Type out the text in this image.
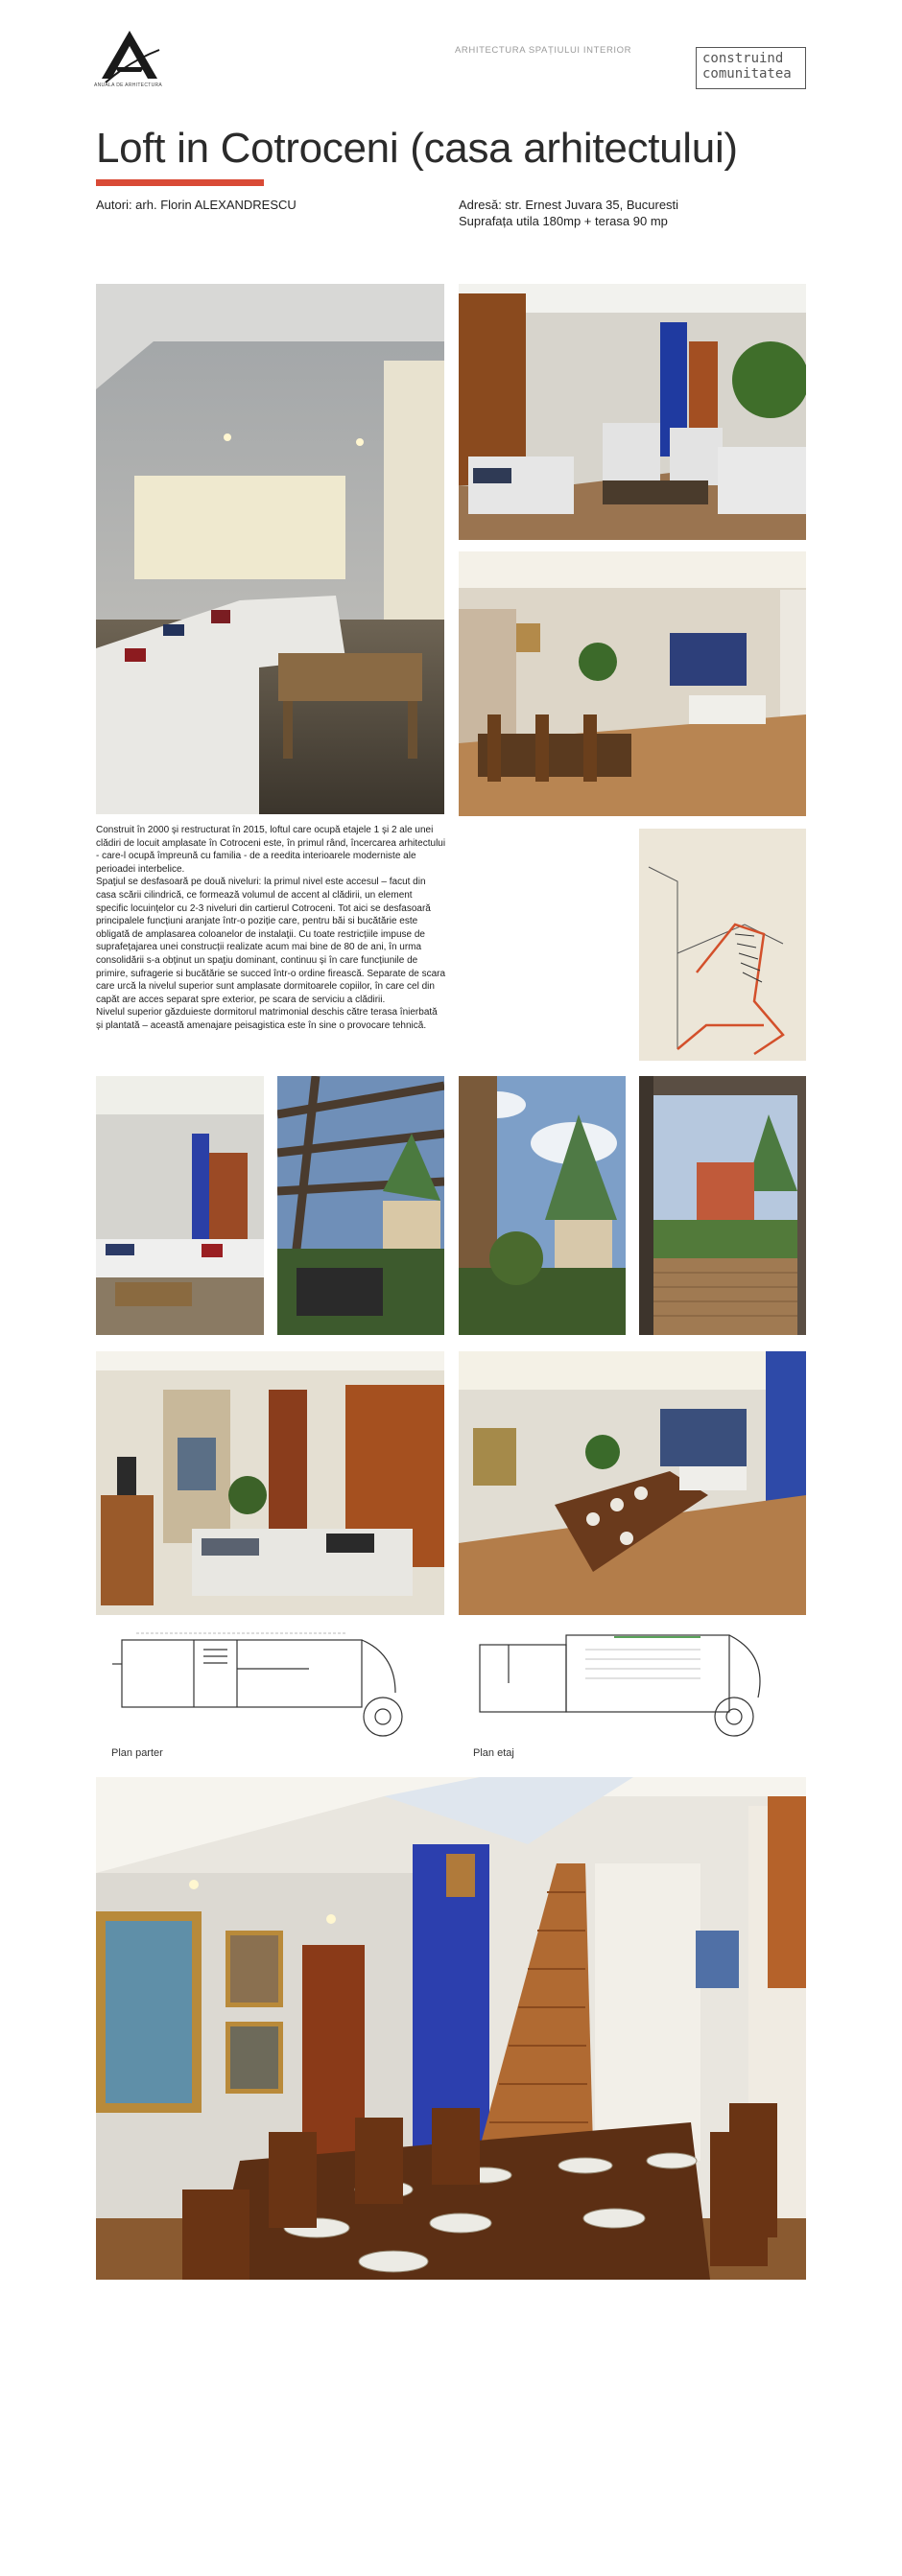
ANUALA DE ARHITECTURA
ARHITECTURA SPAȚIULUI INTERIOR
construind
comunitatea
Loft in Cotroceni (casa arhitectului)
Autori: arh. Florin ALEXANDRESCU	Adresă: str. Ernest Juvara 35, Bucuresti
Suprafața utila 180mp + terasa 90 mp

Construit în 2000 și restructurat în 2015, loftul care ocupă etajele 1 și 2 ale unei clădiri de locuit amplasate în Cotroceni este, în primul rând, încercarea arhitectului - care-l ocupă împreună cu familia - de a reedita interioarele moderniste ale perioadei interbelice.

Spaţiul se desfasoară pe două niveluri: la primul nivel este accesul – facut din casa scării cilindrică, ce formează volumul de accent al clădirii, un element specific locuințelor cu 2-3 niveluri din cartierul Cotroceni. Tot aici se desfasoară principalele funcțiuni aranjate într-o poziție care, pentru băi si bucătărie este obligată de amplasarea coloanelor de instalaţii. Cu toate restricțiile impuse de suprafețajarea unei construcții realizate acum mai bine de 80 de ani, în urma consolidării s-a obținut un spaţiu dominant, continuu și în care funcțiunile de primire, sufragerie si bucătărie se succed într-o ordine firească. Separate de scara care urcă la nivelul superior sunt amplasate dormitoarele copiilor, în care cel din capăt are acces separat spre exterior, pe scara de serviciu a clădirii.

Nivelul superior găzduieste dormitorul matrimonial deschis către terasa înierbată și plantată – această amenajare peisagistica este în sine o provocare tehnică.

Plan parter	Plan etaj
